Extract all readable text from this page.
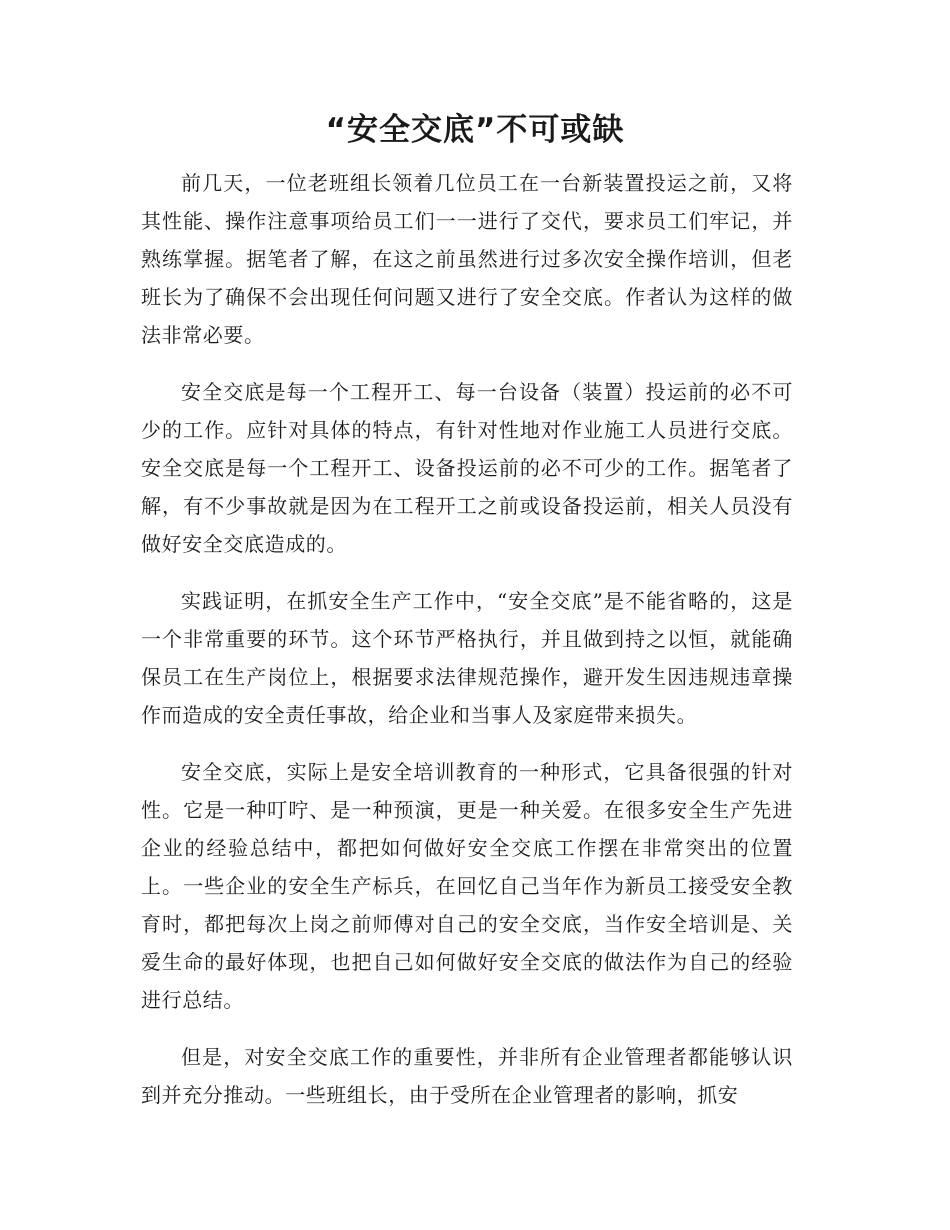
“安全交底”不可或缺

前几天，一位老班组长领着几位员工在一台新装置投运之前，又将其性能、操作注意事项给员工们一一进行了交代，要求员工们牢记，并熟练掌握。据笔者了解，在这之前虽然进行过多次安全操作培训，但老班长为了确保不会出现任何问题又进行了安全交底。作者认为这样的做法非常必要。

安全交底是每一个工程开工、每一台设备（装置）投运前的必不可少的工作。应针对具体的特点，有针对性地对作业施工人员进行交底。安全交底是每一个工程开工、设备投运前的必不可少的工作。据笔者了解，有不少事故就是因为在工程开工之前或设备投运前，相关人员没有做好安全交底造成的。

实践证明，在抓安全生产工作中，“安全交底”是不能省略的，这是一个非常重要的环节。这个环节严格执行，并且做到持之以恒，就能确保员工在生产岗位上，根据要求法律规范操作，避开发生因违规违章操作而造成的安全责任事故，给企业和当事人及家庭带来损失。

安全交底，实际上是安全培训教育的一种形式，它具备很强的针对性。它是一种叮咛、是一种预演，更是一种关爱。在很多安全生产先进企业的经验总结中，都把如何做好安全交底工作摆在非常突出的位置上。一些企业的安全生产标兵，在回忆自己当年作为新员工接受安全教育时，都把每次上岗之前师傅对自己的安全交底，当作安全培训是、关爱生命的最好体现，也把自己如何做好安全交底的做法作为自己的经验进行总结。

但是，对安全交底工作的重要性，并非所有企业管理者都能够认识到并充分推动。一些班组长，由于受所在企业管理者的影响，抓安
